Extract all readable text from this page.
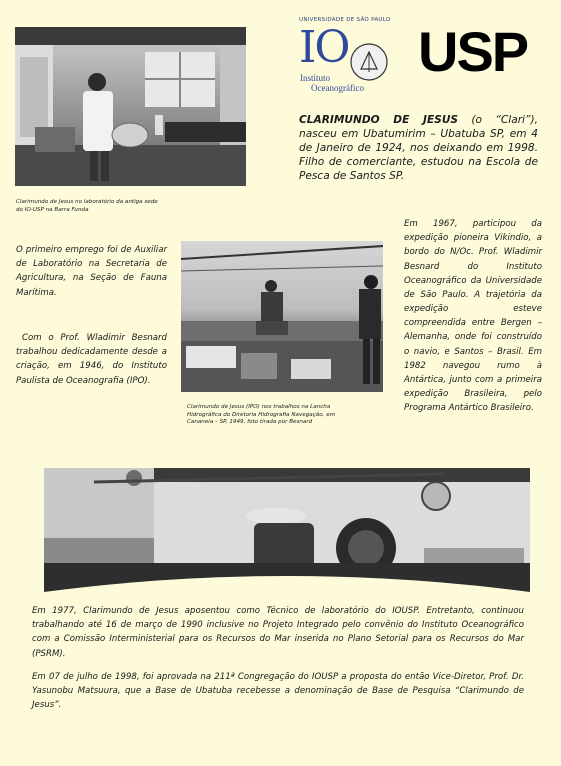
Clarimundo de Jesus no laboratório da antiga sede do IO-USP na Barra Funda
UNIVERSIDADE DE SÃO PAULO
IO
Instituto
Oceanográfico
USP
CLARIMUNDO DE JESUS (o “Clari”), nasceu em Ubatumirim – Ubatuba SP, em 4 de Janeiro de 1924, nos deixando em 1998. Filho de comerciante, estudou na Escola de Pesca de Santos SP.
O primeiro emprego foi de Auxiliar de Laboratório na Secretaria de Agricultura, na Seção de Fauna Marítima.
Com o Prof. Wladimir Besnard trabalhou dedicadamente desde a criação, em 1946, do Instituto Paulista de Oceanografia (IPO).
Clarimundo de Jesus (IPO) nos trabalhos na Lancha Hidrográfica do Diretoria Hidrografia Navegação, em Cananeia – SP, 1949, foto tirada por Besnard
Em 1967, participou da expedição pioneira Vikindio, a bordo do N/Oc. Prof. Wladimir Besnard do Instituto Oceanográfico da Universidade de São Paulo. A trajetória da expedição esteve compreendida entre Bergen – Alemanha, onde foi construído o navio, e Santos – Brasil. Em 1982 navegou rumo à Antártica, junto com a primeira expedição Brasileira, pelo Programa Antártico Brasileiro.
Em 1977, Clarimundo de Jesus aposentou como Técnico de laboratório do IOUSP. Entretanto, continuou trabalhando até 16 de março de 1990 inclusive no Projeto Integrado pelo convênio do Instituto Oceanográfico com a Comissão Interministerial para os Recursos do Mar inserida no Plano Setorial para os Recursos do Mar (PSRM).
Em 07 de julho de 1998, foi aprovada na 211ª Congregação do IOUSP a proposta do então Vice-Diretor, Prof. Dr. Yasunobu Matsuura, que a Base de Ubatuba recebesse a denominação de Base de Pesquisa “Clarimundo de Jesus”.
